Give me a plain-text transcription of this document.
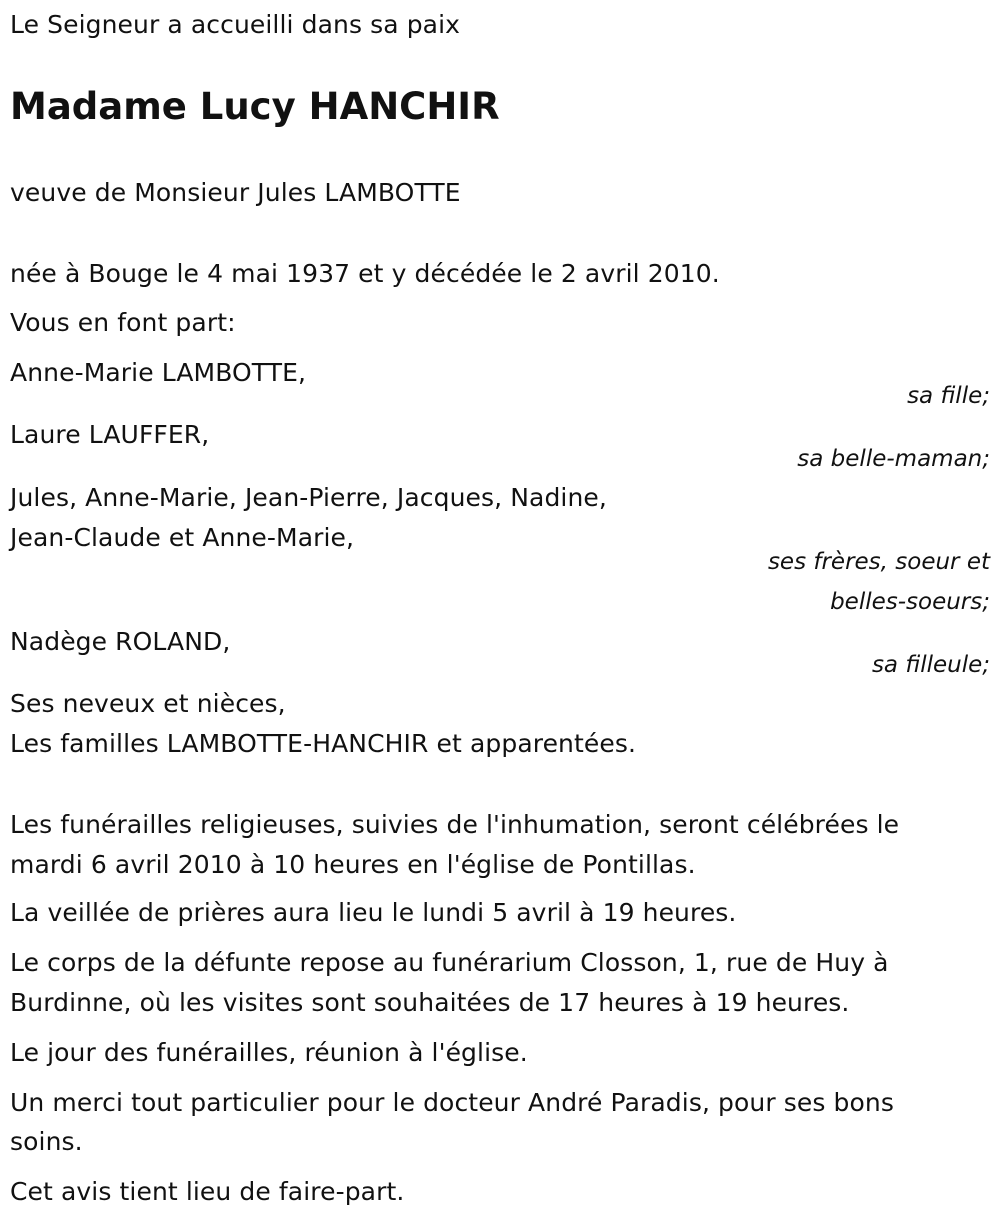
Le Seigneur a accueilli dans sa paix
Madame Lucy HANCHIR
veuve de Monsieur Jules LAMBOTTE
née à Bouge le 4 mai 1937 et y décédée le 2 avril 2010.
Vous en font part:
Anne-Marie LAMBOTTE,
sa fille;
Laure LAUFFER,
sa belle-maman;
Jules, Anne-Marie, Jean-Pierre, Jacques, Nadine,
Jean-Claude et Anne-Marie,
ses frères, soeur et
belles-soeurs;
Nadège ROLAND,
sa filleule;
Ses neveux et nièces,
Les familles LAMBOTTE-HANCHIR et apparentées.
Les funérailles religieuses, suivies de l'inhumation, seront célébrées le
mardi 6 avril 2010 à 10 heures en l'église de Pontillas.
La veillée de prières aura lieu le lundi 5 avril à 19 heures.
Le corps de la défunte repose au funérarium Closson, 1, rue de Huy à
Burdinne, où les visites sont souhaitées de 17 heures à 19 heures.
Le jour des funérailles, réunion à l'église.
Un merci tout particulier pour le docteur André Paradis, pour ses bons
soins.
Cet avis tient lieu de faire-part.
